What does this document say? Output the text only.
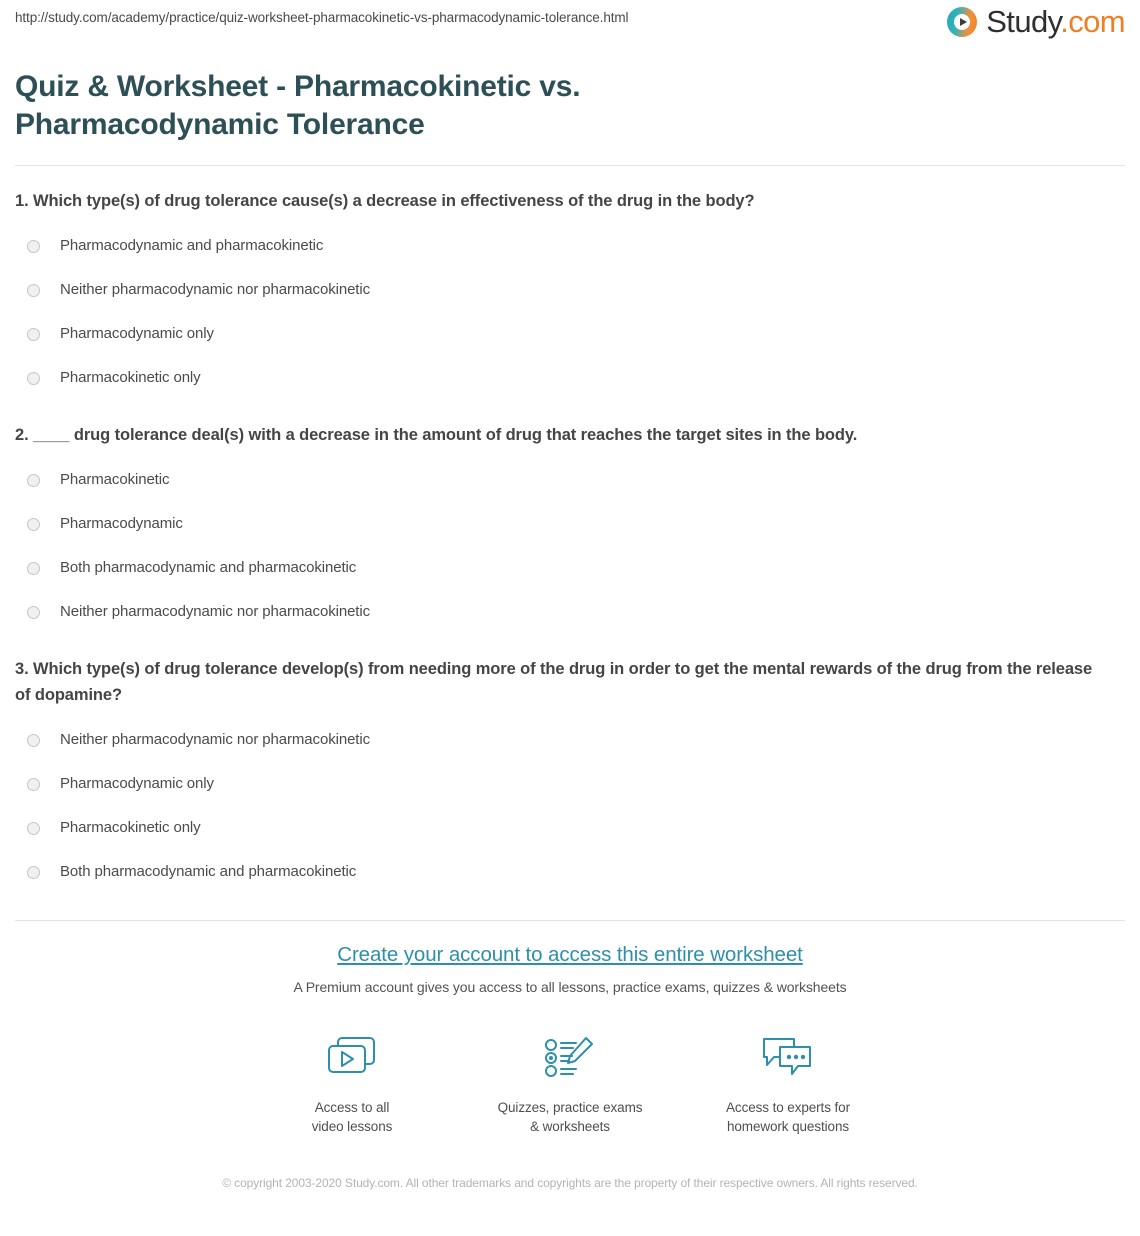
http://study.com/academy/practice/quiz-worksheet-pharmacokinetic-vs-pharmacodynamic-tolerance.html	Study.com
Quiz & Worksheet - Pharmacokinetic vs. Pharmacodynamic Tolerance

1. Which type(s) of drug tolerance cause(s) a decrease in effectiveness of the drug in the body?

Pharmacodynamic and pharmacokinetic
Neither pharmacodynamic nor pharmacokinetic
Pharmacodynamic only
Pharmacokinetic only

2. ____ drug tolerance deal(s) with a decrease in the amount of drug that reaches the target sites in the body.

Pharmacokinetic
Pharmacodynamic
Both pharmacodynamic and pharmacokinetic
Neither pharmacodynamic nor pharmacokinetic

3. Which type(s) of drug tolerance develop(s) from needing more of the drug in order to get the mental rewards of the drug from the release of dopamine?

Neither pharmacodynamic nor pharmacokinetic
Pharmacodynamic only
Pharmacokinetic only
Both pharmacodynamic and pharmacokinetic
Create your account to access this entire worksheet

A Premium account gives you access to all lessons, practice exams, quizzes & worksheets

Access to all
video lessons
Quizzes, practice exams
& worksheets
Access to experts for
homework questions
© copyright 2003-2020 Study.com. All other trademarks and copyrights are the property of their respective owners. All rights reserved.
